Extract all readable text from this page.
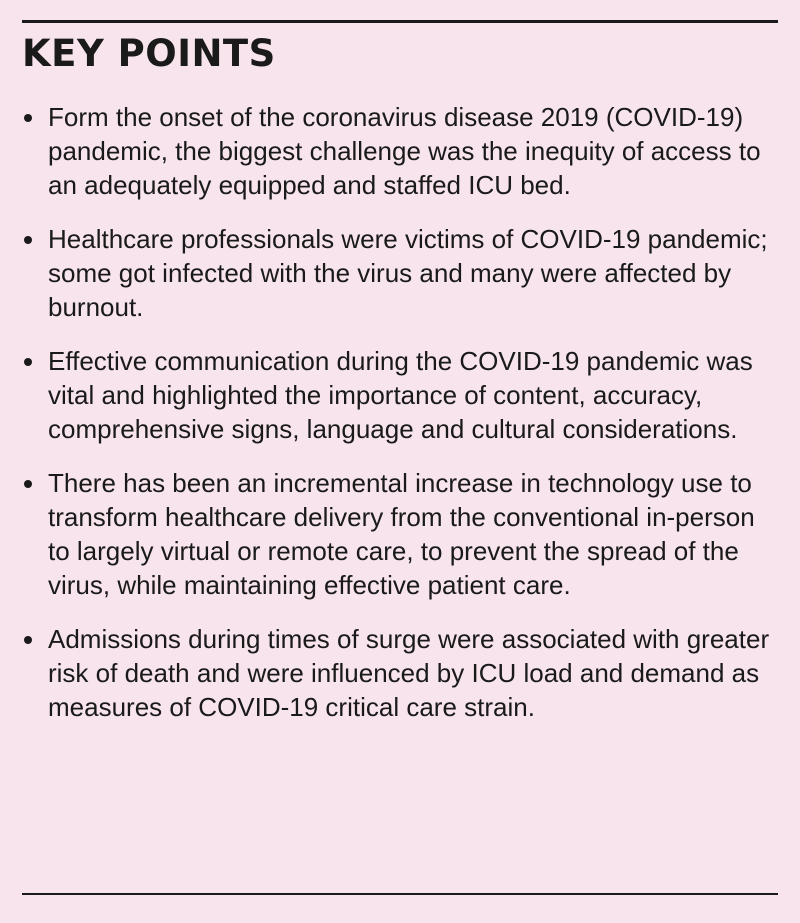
KEY POINTS
Form the onset of the coronavirus disease 2019 (COVID-19) pandemic, the biggest challenge was the inequity of access to an adequately equipped and staffed ICU bed.
Healthcare professionals were victims of COVID-19 pandemic; some got infected with the virus and many were affected by burnout.
Effective communication during the COVID-19 pandemic was vital and highlighted the importance of content, accuracy, comprehensive signs, language and cultural considerations.
There has been an incremental increase in technology use to transform healthcare delivery from the conventional in-person to largely virtual or remote care, to prevent the spread of the virus, while maintaining effective patient care.
Admissions during times of surge were associated with greater risk of death and were influenced by ICU load and demand as measures of COVID-19 critical care strain.
